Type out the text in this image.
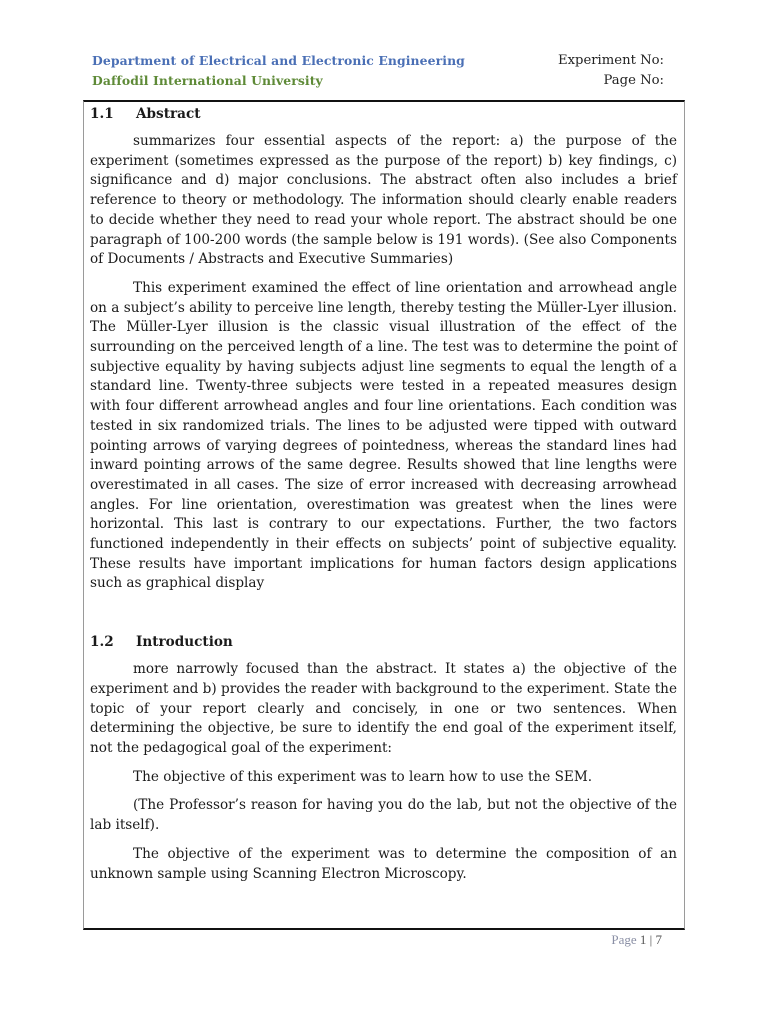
Department of Electrical and Electronic Engineering
Daffodil International University
Experiment No:
Page No:
1.1 Abstract

summarizes four essential aspects of the report: a) the purpose of the experiment (sometimes expressed as the purpose of the report) b) key findings, c) significance and d) major conclusions. The abstract often also includes a brief reference to theory or methodology. The information should clearly enable readers to decide whether they need to read your whole report. The abstract should be one paragraph of 100-200 words (the sample below is 191 words). (See also Components of Documents / Abstracts and Executive Summaries)

This experiment examined the effect of line orientation and arrowhead angle on a subject’s ability to perceive line length, thereby testing the Müller-Lyer illusion. The Müller-Lyer illusion is the classic visual illustration of the effect of the surrounding on the perceived length of a line. The test was to determine the point of subjective equality by having subjects adjust line segments to equal the length of a standard line. Twenty-three subjects were tested in a repeated measures design with four different arrowhead angles and four line orientations. Each condition was tested in six randomized trials. The lines to be adjusted were tipped with outward pointing arrows of varying degrees of pointedness, whereas the standard lines had inward pointing arrows of the same degree. Results showed that line lengths were overestimated in all cases. The size of error increased with decreasing arrowhead angles. For line orientation, overestimation was greatest when the lines were horizontal. This last is contrary to our expectations. Further, the two factors functioned independently in their effects on subjects’ point of subjective equality. These results have important implications for human factors design applications such as graphical display

1.2 Introduction

more narrowly focused than the abstract. It states a) the objective of the experiment and b) provides the reader with background to the experiment. State the topic of your report clearly and concisely, in one or two sentences. When determining the objective, be sure to identify the end goal of the experiment itself, not the pedagogical goal of the experiment:

The objective of this experiment was to learn how to use the SEM.

(The Professor’s reason for having you do the lab, but not the objective of the lab itself).

The objective of the experiment was to determine the composition of an unknown sample using Scanning Electron Microscopy.

Page 1 | 7
